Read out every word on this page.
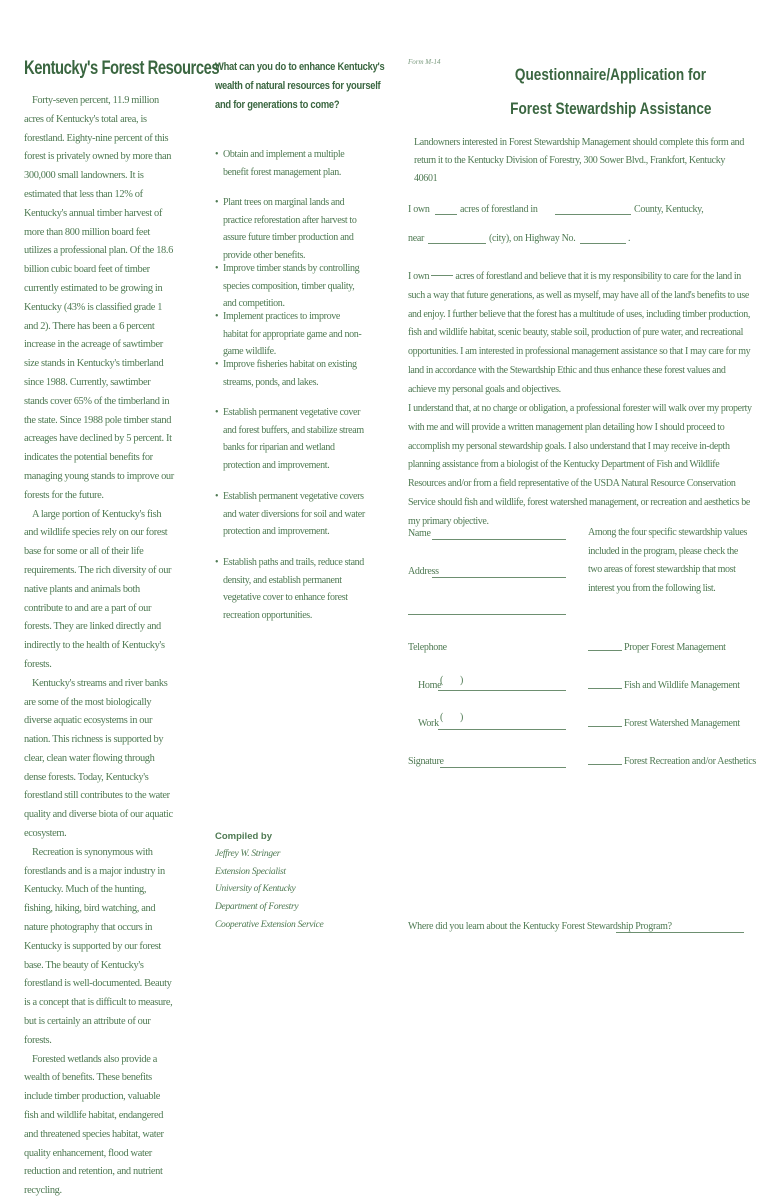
Kentucky's Forest Resources

Forty-seven percent, 11.9 million acres of Kentucky's total area, is forestland. Eighty-nine percent of this forest is privately owned by more than 300,000 small landowners. It is estimated that less than 12% of Kentucky's annual timber harvest of more than 800 million board feet utilizes a professional plan. Of the 18.6 billion cubic board feet of timber currently estimated to be growing in Kentucky (43% is classified grade 1 and 2). There has been a 6 percent increase in the acreage of sawtimber size stands in Kentucky's timberland since 1988. Currently, sawtimber stands cover 65% of the timberland in the state. Since 1988 pole timber stand acreages have declined by 5 percent. It indicates the potential benefits for managing young stands to improve our forests for the future.

A large portion of Kentucky's fish and wildlife species rely on our forest base for some or all of their life requirements. The rich diversity of our native plants and animals both contribute to and are a part of our forests. They are linked directly and indirectly to the health of Kentucky's forests.

Kentucky's streams and river banks are some of the most biologically diverse aquatic ecosystems in our nation. This richness is supported by clear, clean water flowing through dense forests. Today, Kentucky's forestland still contributes to the water quality and diverse biota of our aquatic ecosystem.

Recreation is synonymous with forestlands and is a major industry in Kentucky. Much of the hunting, fishing, hiking, bird watching, and nature photography that occurs in Kentucky is supported by our forest base. The beauty of Kentucky's forestland is well-documented. Beauty is a concept that is difficult to measure, but is certainly an attribute of our forests.

Forested wetlands also provide a wealth of benefits. These benefits include timber production, valuable fish and wildlife habitat, endangered and threatened species habitat, water quality enhancement, flood water reduction and retention, and nutrient recycling.

What can you do to enhance Kentucky's
wealth of natural resources for yourself
and for generations to come?
• Obtain and implement a multiple benefit forest management plan.
• Plant trees on marginal lands and practice reforestation after harvest to assure future timber production and provide other benefits.
• Improve timber stands by controlling species composition, timber quality, and competition.
• Implement practices to improve habitat for appropriate game and non-game wildlife.
• Improve fisheries habitat on existing streams, ponds, and lakes.
• Establish permanent vegetative cover and forest buffers, and stabilize stream banks for riparian and wetland protection and improvement.
• Establish permanent vegetative covers and water diversions for soil and water protection and improvement.
• Establish paths and trails, reduce stand density, and establish permanent vegetative cover to enhance forest recreation opportunities.
Compiled by
Jeffrey W. Stringer
Extension Specialist
University of Kentucky
Department of Forestry
Cooperative Extension Service
Form M-14
Questionnaire/Application for
Forest Stewardship Assistance
Landowners interested in Forest Stewardship Management should complete this form and return it to the Kentucky Division of Forestry, 300 Sower Blvd., Frankfort, Kentucky 40601
I own	acres of forestland in	County, Kentucky,
near	(city), on Highway No.	.
I own	acres of forestland and believe that it is my responsibility to care for the land in such a way that future generations, as well as myself, may have all of the land's benefits to use and enjoy. I further believe that the forest has a multitude of uses, including timber production, fish and wildlife habitat, scenic beauty, stable soil, production of pure water, and recreational opportunities. I am interested in professional management assistance so that I may care for my land in accordance with the Stewardship Ethic and thus enhance these forest values and achieve my personal goals and objectives.
I understand that, at no charge or obligation, a professional forester will walk over my property with me and will provide a written management plan detailing how I should proceed to accomplish my personal stewardship goals. I also understand that I may receive in-depth planning assistance from a biologist of the Kentucky Department of Fish and Wildlife Resources and/or from a field representative of the USDA Natural Resource Conservation Service should fish and wildlife, forest watershed management, or recreation and aesthetics be my primary objective.
Name
Address
Telephone
Home
( )
Work
( )
Signature
Among the four specific stewardship values included in the program, please check the two areas of forest stewardship that most interest you from the following list.
Proper Forest Management
Fish and Wildlife Management
Forest Watershed Management
Forest Recreation and/or Aesthetics
Where did you learn about the Kentucky Forest Stewardship Program?
